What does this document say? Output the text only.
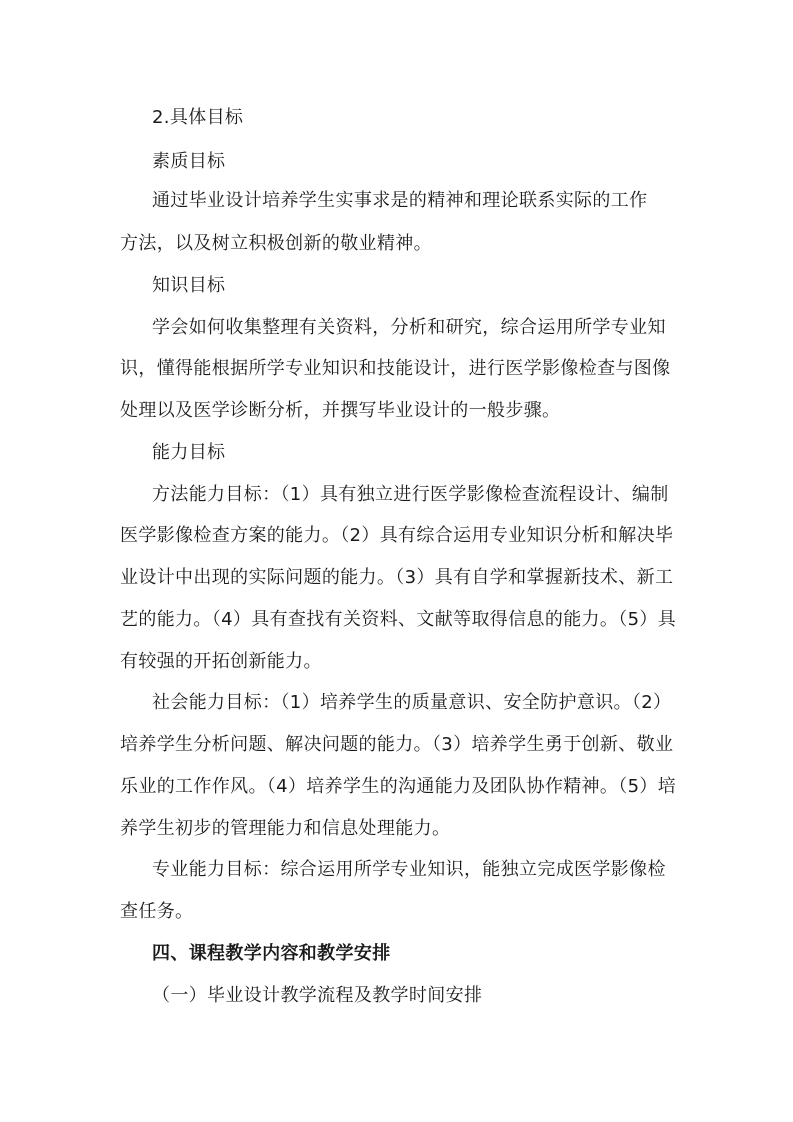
2.具体目标
素质目标
通过毕业设计培养学生实事求是的精神和理论联系实际的工作
方法，以及树立积极创新的敬业精神。
知识目标
学会如何收集整理有关资料，分析和研究，综合运用所学专业知
识，懂得能根据所学专业知识和技能设计，进行医学影像检查与图像
处理以及医学诊断分析，并撰写毕业设计的一般步骤。
能力目标
方法能力目标：（1）具有独立进行医学影像检查流程设计、编制
医学影像检查方案的能力。（2）具有综合运用专业知识分析和解决毕
业设计中出现的实际问题的能力。（3）具有自学和掌握新技术、新工
艺的能力。（4）具有查找有关资料、文献等取得信息的能力。（5）具
有较强的开拓创新能力。
社会能力目标：（1）培养学生的质量意识、安全防护意识。（2）
培养学生分析问题、解决问题的能力。（3）培养学生勇于创新、敬业
乐业的工作作风。（4）培养学生的沟通能力及团队协作精神。（5）培
养学生初步的管理能力和信息处理能力。
专业能力目标：综合运用所学专业知识，能独立完成医学影像检
查任务。
四、课程教学内容和教学安排
（一）毕业设计教学流程及教学时间安排
